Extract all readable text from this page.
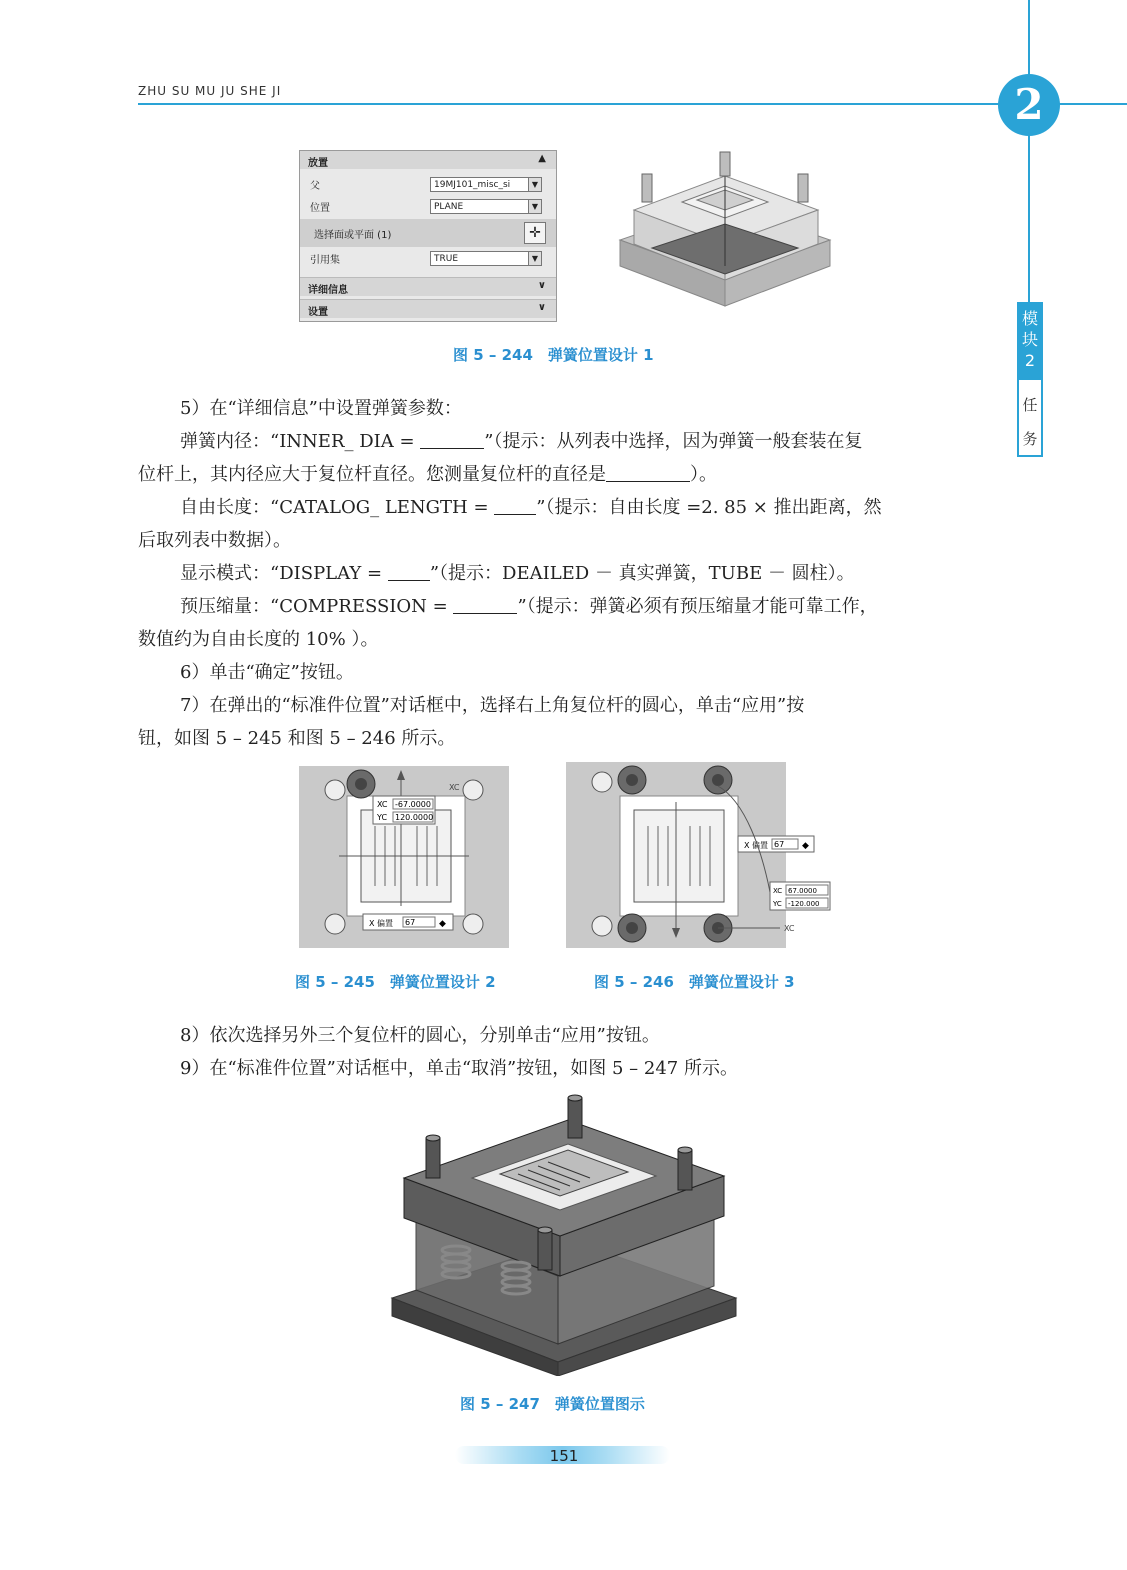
ZHU SU MU JU SHE JI	2
模
块
2
任
务
放置	▲
父	19MJ101_misc_si	▼
位置	PLANE	▼
选择面或平面 (1)	✛
引用集	TRUE	▼
详细信息	∨
设置	∨
图 5 – 244　弹簧位置设计 1
5）在“详细信息”中设置弹簧参数：
弹簧内径：“INNER_ DIA =	”（提示：从列表中选择，因为弹簧一般套装在复
位杆上，其内径应大于复位杆直径。您测量复位杆的直径是	）。
自由长度：“CATALOG_ LENGTH = ”（提示：自由长度 =2. 85 × 推出距离，然
后取列表中数据）。
显示模式：“DISPLAY = ”（提示：DEAILED － 真实弹簧，TUBE － 圆柱）。
预压缩量：“COMPRESSION =	”（提示：弹簧必须有预压缩量才能可靠工作，
数值约为自由长度的 10% ）。
6）单击“确定”按钮。
7）在弹出的“标准件位置”对话框中，选择右上角复位杆的圆心，单击“应用”按
钮，如图 5 – 245 和图 5 – 246 所示。
XC -67.0000
YC 120.0000
XC
X 偏置 67	◆	XC
X 偏置 67 ◆
XC 67.0000
YC -120.000
图 5 – 245　弹簧位置设计 2	图 5 – 246　弹簧位置设计 3
8）依次选择另外三个复位杆的圆心，分别单击“应用”按钮。
9）在“标准件位置”对话框中，单击“取消”按钮，如图 5 – 247 所示。
图 5 – 247　弹簧位置图示
151
